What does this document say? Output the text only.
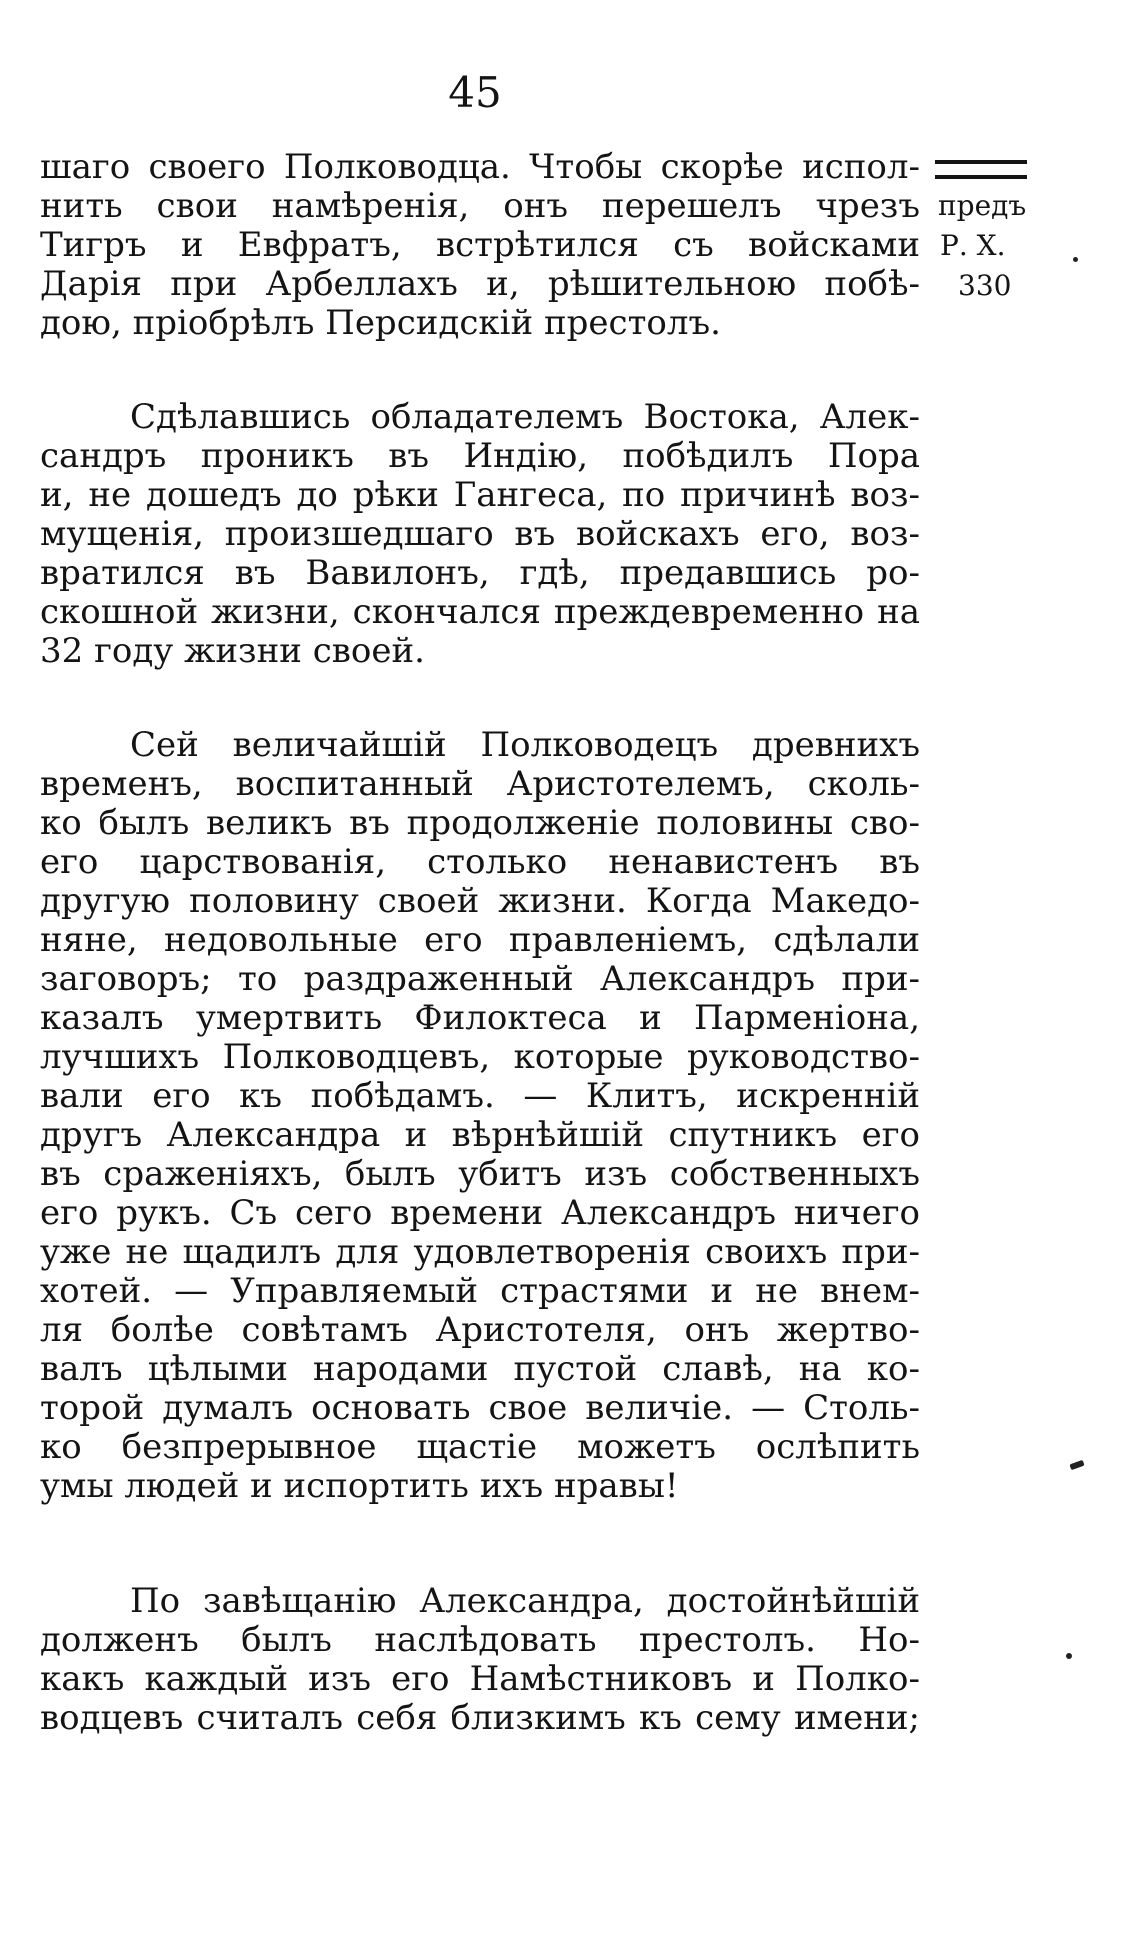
45
предъ
Р. Х.
330
шаго своего Полководца. Чтобы скорѣе испол-
нить свои намѣренія, онъ перешелъ чрезъ
Тигръ и Евфратъ, встрѣтился съ войсками
Дарія при Арбеллахъ и, рѣшительною побѣ-
дою, пріобрѣлъ Персидскій престолъ.
Сдѣлавшись обладателемъ Востока, Алек-
сандръ проникъ въ Индію, побѣдилъ Пора
и, не дошедъ до рѣки Гангеса, по причинѣ воз-
мущенія, произшедшаго въ войскахъ его, воз-
вратился въ Вавилонъ, гдѣ, предавшись ро-
скошной жизни, скончался преждевременно на
32 году жизни своей.
Сей величайшій Полководецъ древнихъ
временъ, воспитанный Аристотелемъ, сколь-
ко былъ великъ въ продолженіе половины сво-
его царствованія, столько ненавистенъ въ
другую половину своей жизни. Когда Македо-
няне, недовольные его правленіемъ, сдѣлали
заговоръ; то раздраженный Александръ при-
казалъ умертвить Филоктеса и Парменіона,
лучшихъ Полководцевъ, которые руководство-
вали его къ побѣдамъ. — Клитъ, искренній
другъ Александра и вѣрнѣйшій спутникъ его
въ сраженіяхъ, былъ убитъ изъ собственныхъ
его рукъ. Съ сего времени Александръ ничего
уже не щадилъ для удовлетворенія своихъ при-
хотей. — Управляемый страстями и не внем-
ля болѣе совѣтамъ Аристотеля, онъ жертво-
валъ цѣлыми народами пустой славѣ, на ко-
торой думалъ основать свое величіе. — Столь-
ко безпрерывное щастіе можетъ ослѣпить
умы людей и испортить ихъ нравы!
По завѣщанію Александра, достойнѣйшій
долженъ былъ наслѣдовать престолъ. Но-
какъ каждый изъ его Намѣстниковъ и Полко-
водцевъ считалъ себя близкимъ къ сему имени;
